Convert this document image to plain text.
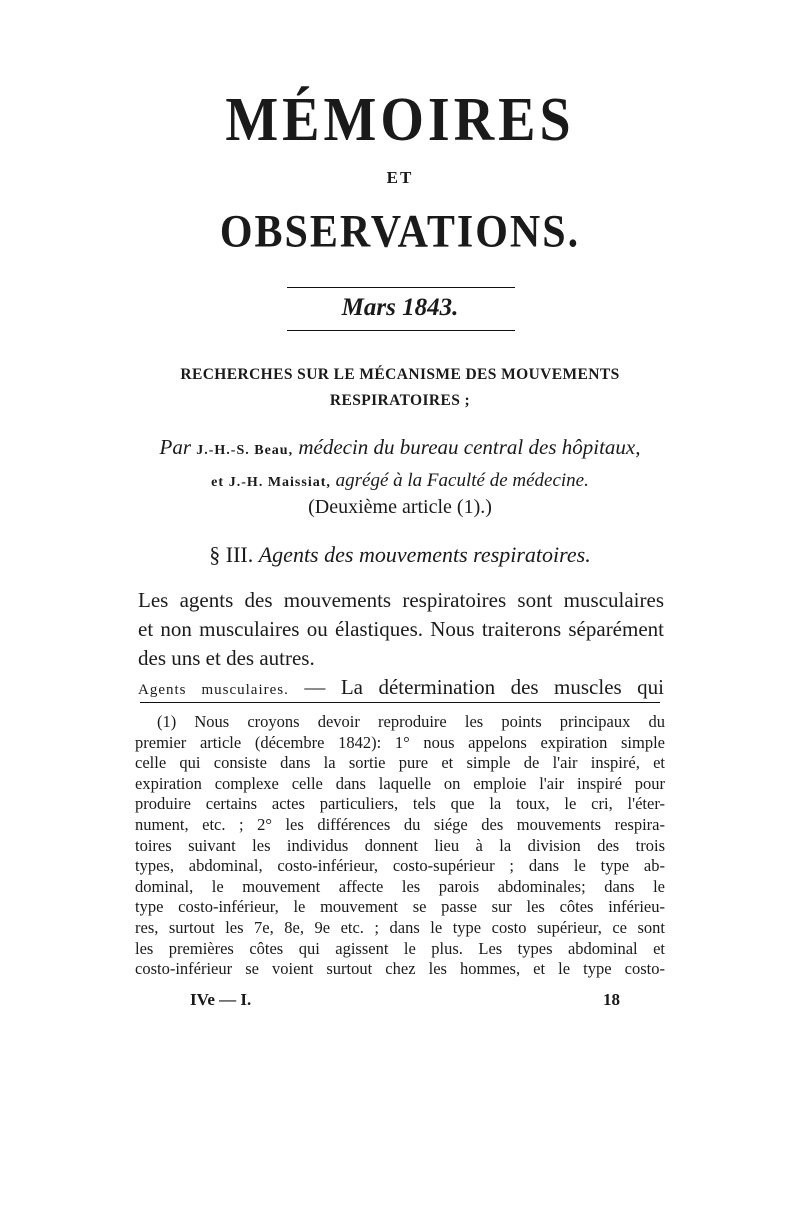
MÉMOIRES
ET
OBSERVATIONS.
Mars 1843.
RECHERCHES SUR LE MÉCANISME DES MOUVEMENTS
RESPIRATOIRES ;
Par J.-H.-S. Beau, médecin du bureau central des hôpitaux,
et J.-H. Maissiat, agrégé à la Faculté de médecine.
(Deuxième article (1).)
§ III. Agents des mouvements respiratoires.
Les agents des mouvements respiratoires sont musculaires
et non musculaires ou élastiques. Nous traiterons séparément
des uns et des autres.
Agents musculaires. — La détermination des muscles qui
(1) Nous croyons devoir reproduire les points principaux du
premier article (décembre 1842): 1° nous appelons expiration simple
celle qui consiste dans la sortie pure et simple de l'air inspiré, et
expiration complexe celle dans laquelle on emploie l'air inspiré pour
produire certains actes particuliers, tels que la toux, le cri, l'éter-
nument, etc. ; 2° les différences du siége des mouvements respira-
toires suivant les individus donnent lieu à la division des trois
types, abdominal, costo-inférieur, costo-supérieur ; dans le type ab-
dominal, le mouvement affecte les parois abdominales; dans le
type costo-inférieur, le mouvement se passe sur les côtes inférieu-
res, surtout les 7e, 8e, 9e etc. ; dans le type costo supérieur, ce sont
les premières côtes qui agissent le plus. Les types abdominal et
costo-inférieur se voient surtout chez les hommes, et le type costo-
IVe — I.	18
